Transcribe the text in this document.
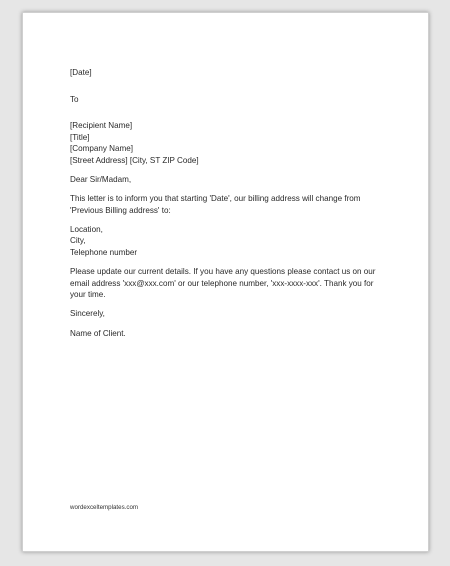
[Date]

To

[Recipient Name]

[Title]

[Company Name]

[Street Address] [City, ST ZIP Code]

Dear Sir/Madam,

This letter is to inform you that starting 'Date', our billing address will change from

'Previous Billing address' to:

Location,

City,

Telephone number

Please update our current details. If you have any questions please contact us on our

email address 'xxx@xxx.com' or our telephone number, 'xxx-xxxx-xxx'. Thank you for

your time.

Sincerely,

Name of Client.

wordexceltemplates.com
